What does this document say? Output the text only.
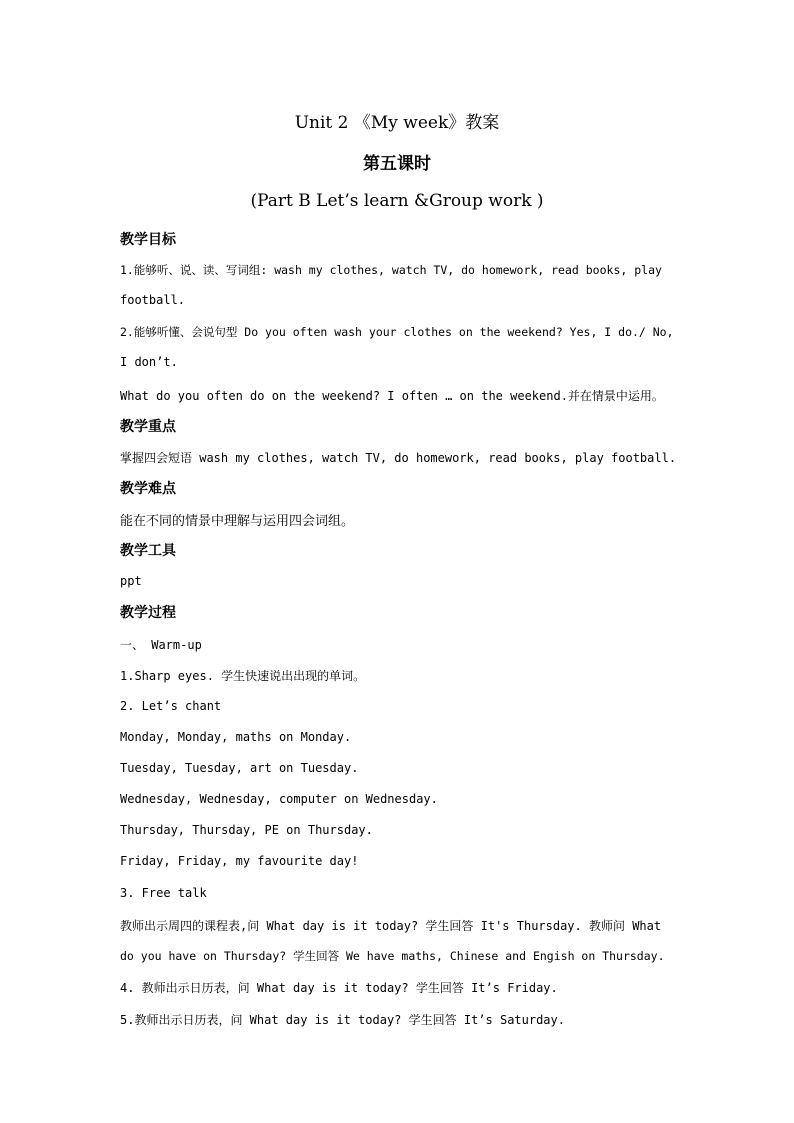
Unit 2 《My week》教案
第五课时
(Part B Let’s learn &Group work )
教学目标
1.能够听、说、读、写词组: wash my clothes, watch TV, do homework, read books, play
football.
2.能够听懂、会说句型 Do you often wash your clothes on the weekend? Yes, I do./ No,
I don’t.
What do you often do on the weekend? I often … on the weekend.并在情景中运用。
教学重点
掌握四会短语 wash my clothes, watch TV, do homework, read books, play football.
教学难点
能在不同的情景中理解与运用四会词组。
教学工具
ppt
教学过程
一、 Warm-up
1.Sharp eyes. 学生快速说出出现的单词。
2. Let’s chant
Monday, Monday, maths on Monday.
Tuesday, Tuesday, art on Tuesday.
Wednesday, Wednesday, computer on Wednesday.
Thursday, Thursday, PE on Thursday.
Friday, Friday, my favourite day!
3. Free talk
教师出示周四的课程表,问 What day is it today? 学生回答 It's Thursday. 教师问 What
do you have on Thursday? 学生回答 We have maths, Chinese and Engish on Thursday.
4. 教师出示日历表，问 What day is it today? 学生回答 It’s Friday.
5.教师出示日历表，问 What day is it today? 学生回答 It’s Saturday.
